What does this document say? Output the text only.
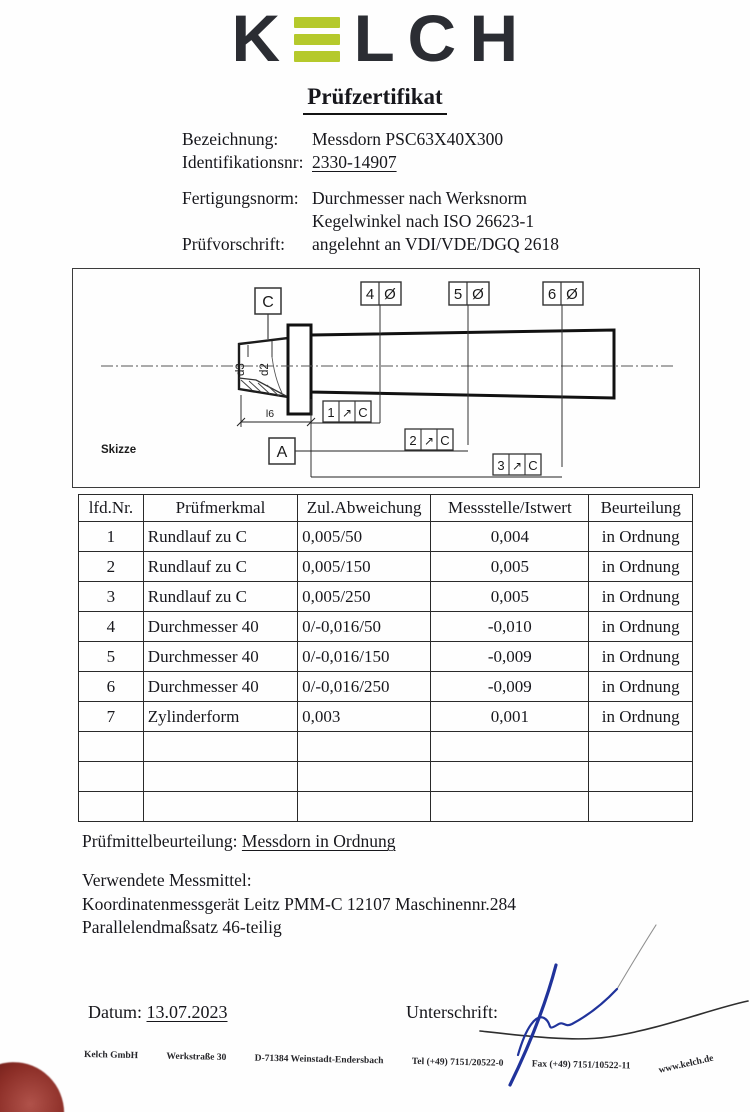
K L C H
Prüfzertifikat
Bezeichnung:	Messdorn PSC63X40X300
Identifikationsnr: 2330-14907
Fertigungsnorm: Durchmesser nach Werksnorm
Kegelwinkel nach ISO 26623-1
Prüfvorschrift:	angelehnt an VDI/VDE/DGQ 2618
C
A
d3 d2
l6
4 Ø	5 Ø	6 Ø
1 ↗ C
2 ↗ C
3 ↗ C
Skizze
lfd.Nr.	Prüfmerkmal	Zul.Abweichung	Messstelle/Istwert	Beurteilung
1	Rundlauf zu C	0,005/50	0,004	in Ordnung
2	Rundlauf zu C	0,005/150	0,005	in Ordnung
3	Rundlauf zu C	0,005/250	0,005	in Ordnung
4	Durchmesser 40	0/-0,016/50	-0,010	in Ordnung
5	Durchmesser 40	0/-0,016/150	-0,009	in Ordnung
6	Durchmesser 40	0/-0,016/250	-0,009	in Ordnung
7	Zylinderform	0,003	0,001	in Ordnung

Prüfmittelbeurteilung: Messdorn in Ordnung
Verwendete Messmittel:
Koordinatenmessgerät Leitz PMM-C 12107 Maschinennr.284
Parallelendmaßsatz 46-teilig
Datum: 13.07.2023	Unterschrift:
Kelch GmbH	Werkstraße 30	D-71384 Weinstadt-Endersbach	Tel (+49) 7151/20522-0	Fax (+49) 7151/10522-11	www.kelch.de
